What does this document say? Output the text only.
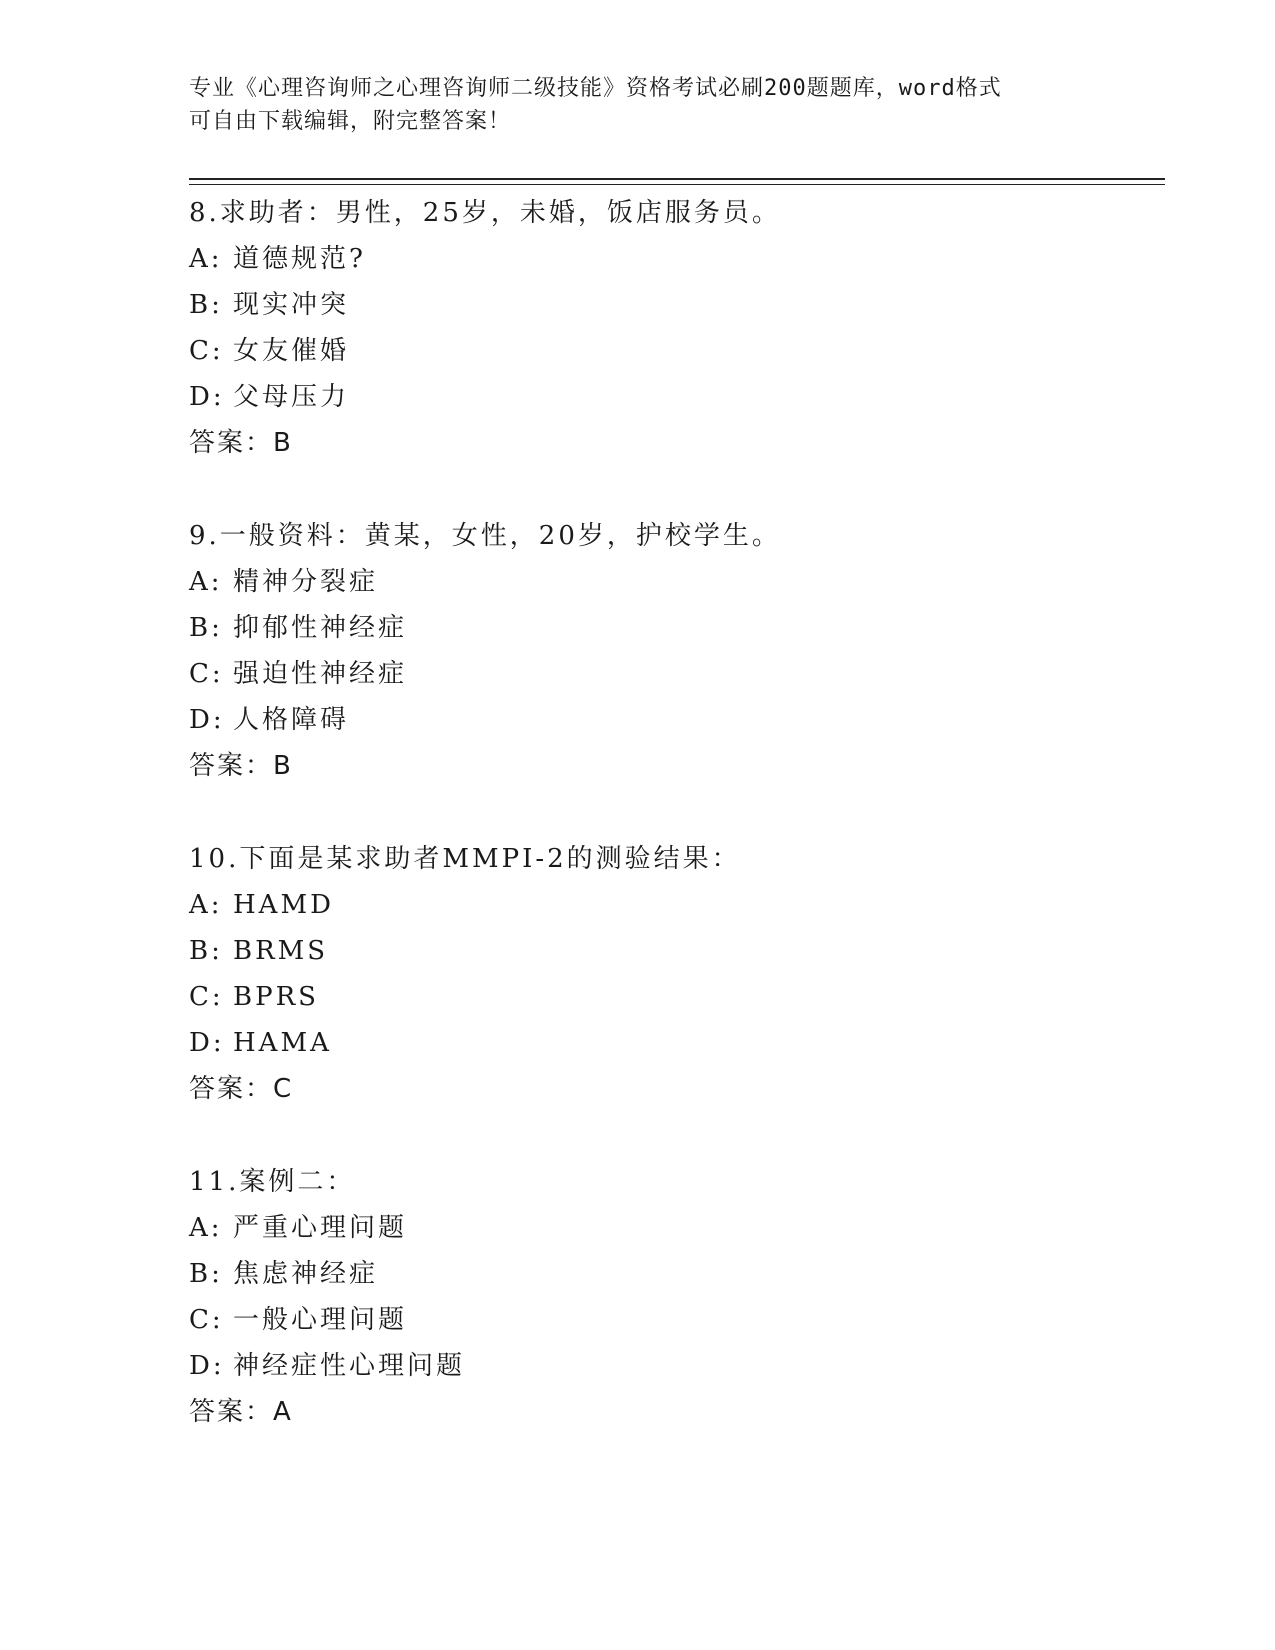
专业《心理咨询师之心理咨询师二级技能》资格考试必刷200题题库，word格式
可自由下载编辑，附完整答案！
8.求助者：男性，25岁，未婚，饭店服务员。
A: 道德规范?
B: 现实冲突
C: 女友催婚
D: 父母压力
答案：B
9.一般资料：黄某，女性，20岁，护校学生。
A: 精神分裂症
B: 抑郁性神经症
C: 强迫性神经症
D: 人格障碍
答案：B
10.下面是某求助者MMPI-2的测验结果：
A: HAMD
B: BRMS
C: BPRS
D: HAMA
答案：C
11.案例二：
A: 严重心理问题
B: 焦虑神经症
C: 一般心理问题
D: 神经症性心理问题
答案：A
